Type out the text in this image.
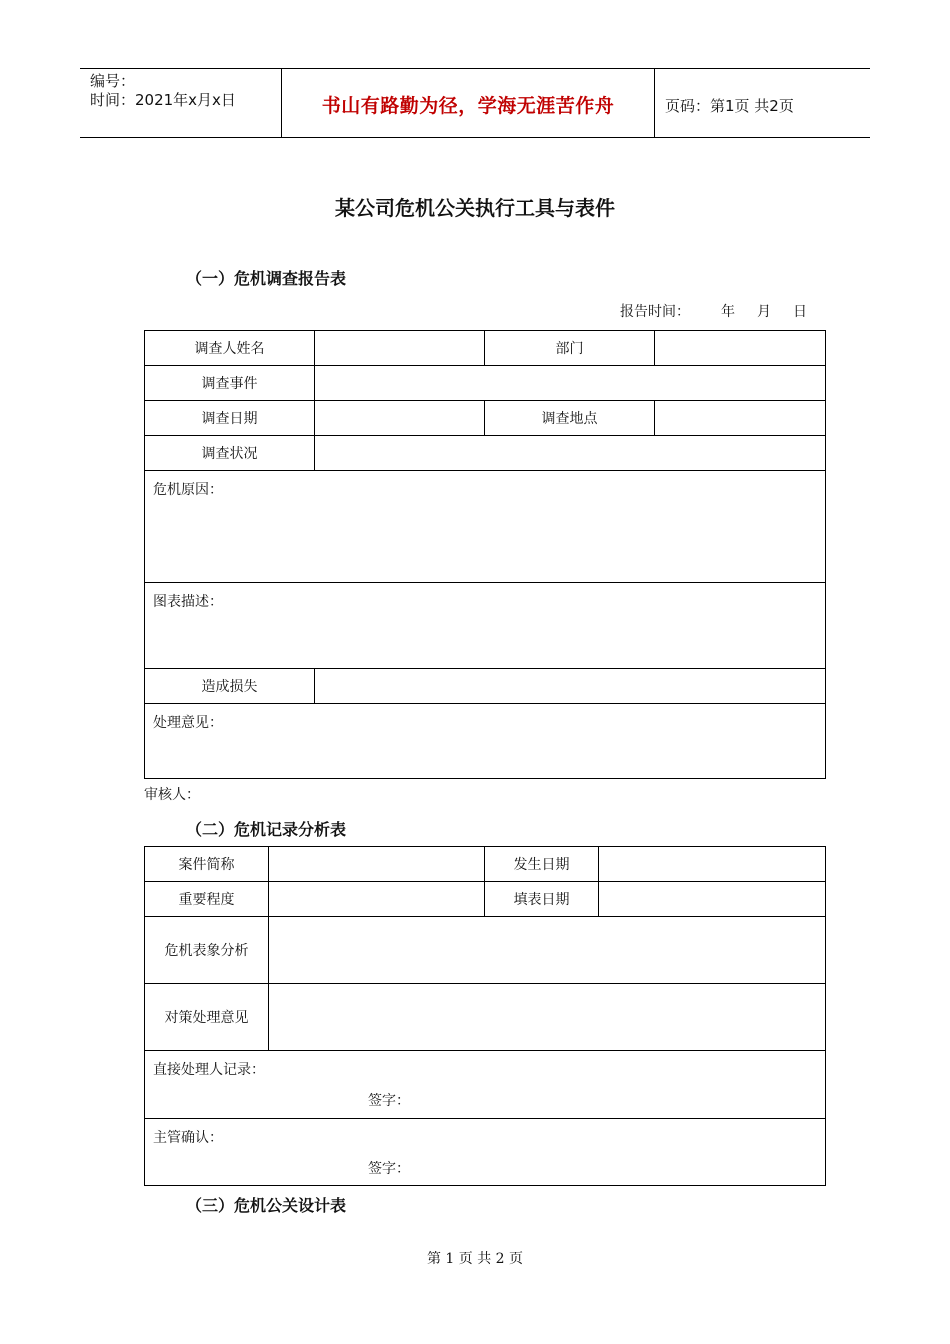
编号：
时间：2021年x月x日	书山有路勤为径，学海无涯苦作舟	页码：第1页 共2页
某公司危机公关执行工具与表件
（一）危机调查报告表
报告时间： 年 月 日
调查人姓名		部门	
调查事件			
调查日期		调查地点	
调查状况			
危机原因：			
图表描述：			
造成损失			
处理意见：			
审核人：
（二）危机记录分析表
案件简称		发生日期	
重要程度		填表日期	
危机表象分析			
对策处理意见			
直接处理人记录：
签字：			

主管确认：
签字：			
（三）危机公关设计表
第 1 页 共 2 页
